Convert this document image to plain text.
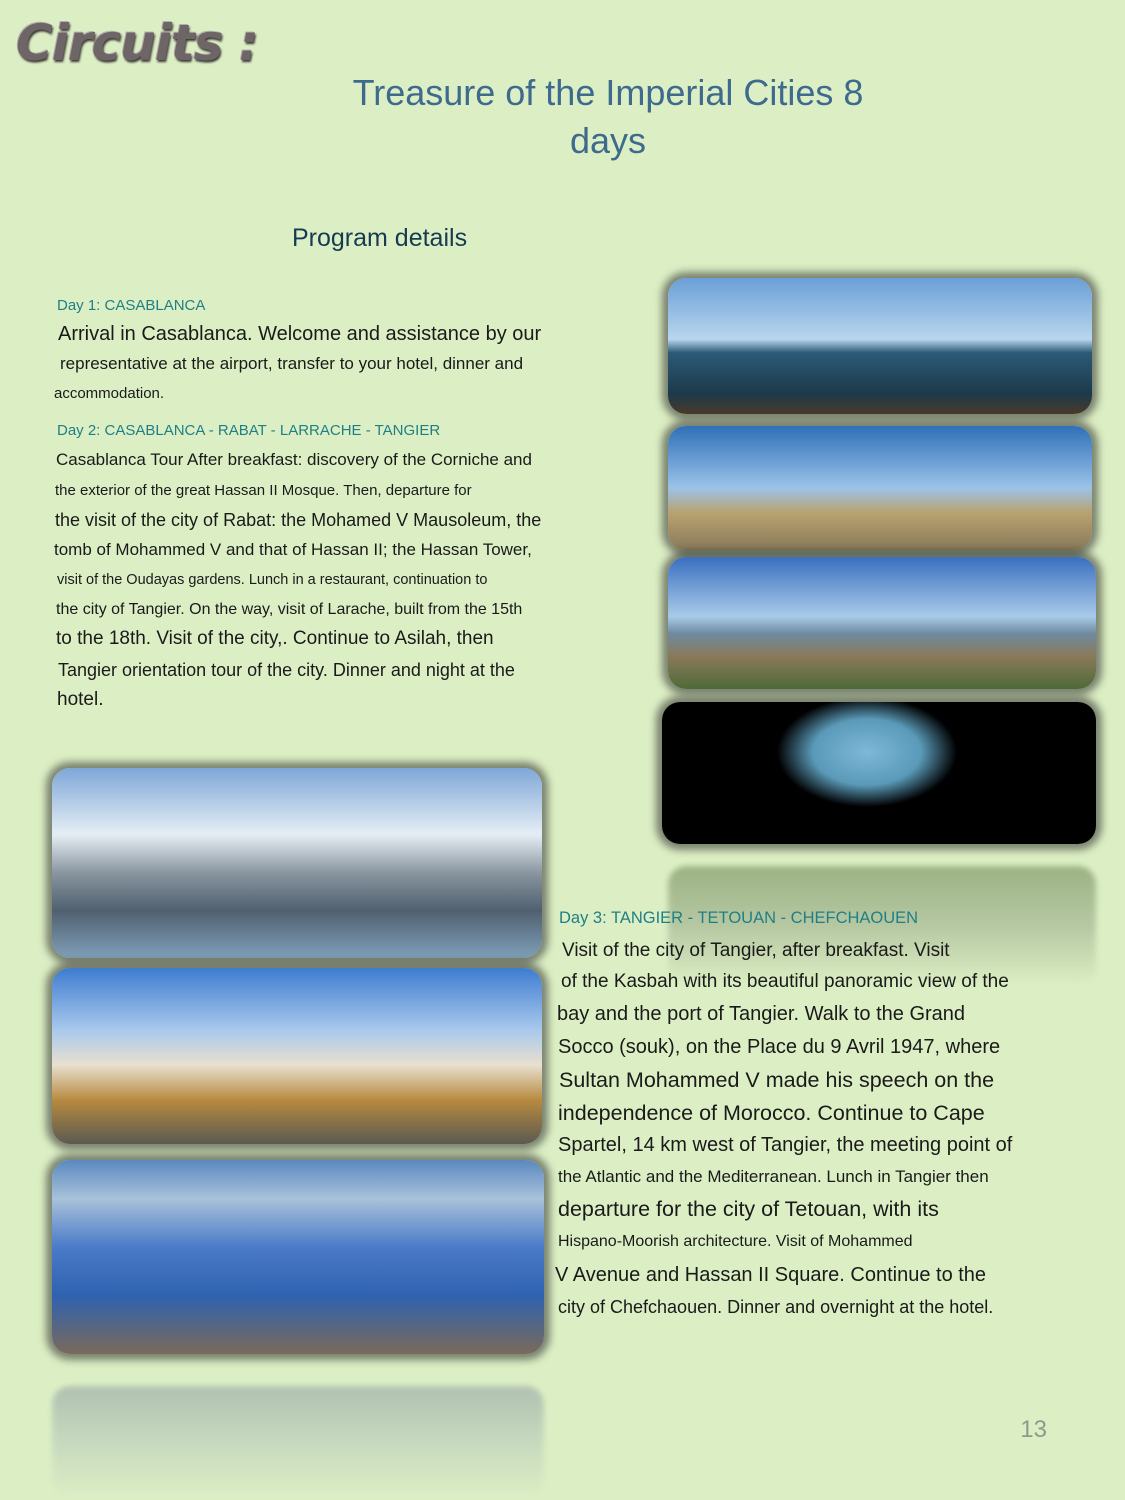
Circuits :
Treasure of the Imperial Cities 8
days
Program details
Day 1: CASABLANCA
Arrival in Casablanca. Welcome and assistance by our
representative at the airport, transfer to your hotel, dinner and
accommodation.
Day 2: CASABLANCA - RABAT - LARRACHE - TANGIER
Casablanca Tour After breakfast: discovery of the Corniche and
the exterior of the great Hassan II Mosque. Then, departure for
the visit of the city of Rabat: the Mohamed V Mausoleum, the
tomb of Mohammed V and that of Hassan II; the Hassan Tower,
visit of the Oudayas gardens. Lunch in a restaurant, continuation to
the city of Tangier. On the way, visit of Larache, built from the 15th
to the 18th. Visit of the city,. Continue to Asilah, then
Tangier orientation tour of the city. Dinner and night at the
hotel.
Day 3: TANGIER - TETOUAN - CHEFCHAOUEN
Visit of the city of Tangier, after breakfast. Visit
of the Kasbah with its beautiful panoramic view of the
bay and the port of Tangier. Walk to the Grand
Socco (souk), on the Place du 9 Avril 1947, where
Sultan Mohammed V made his speech on the
independence of Morocco. Continue to Cape
Spartel, 14 km west of Tangier, the meeting point of
the Atlantic and the Mediterranean. Lunch in Tangier then
departure for the city of Tetouan, with its
Hispano-Moorish architecture. Visit of Mohammed
V Avenue and Hassan II Square. Continue to the
city of Chefchaouen. Dinner and overnight at the hotel.
13
